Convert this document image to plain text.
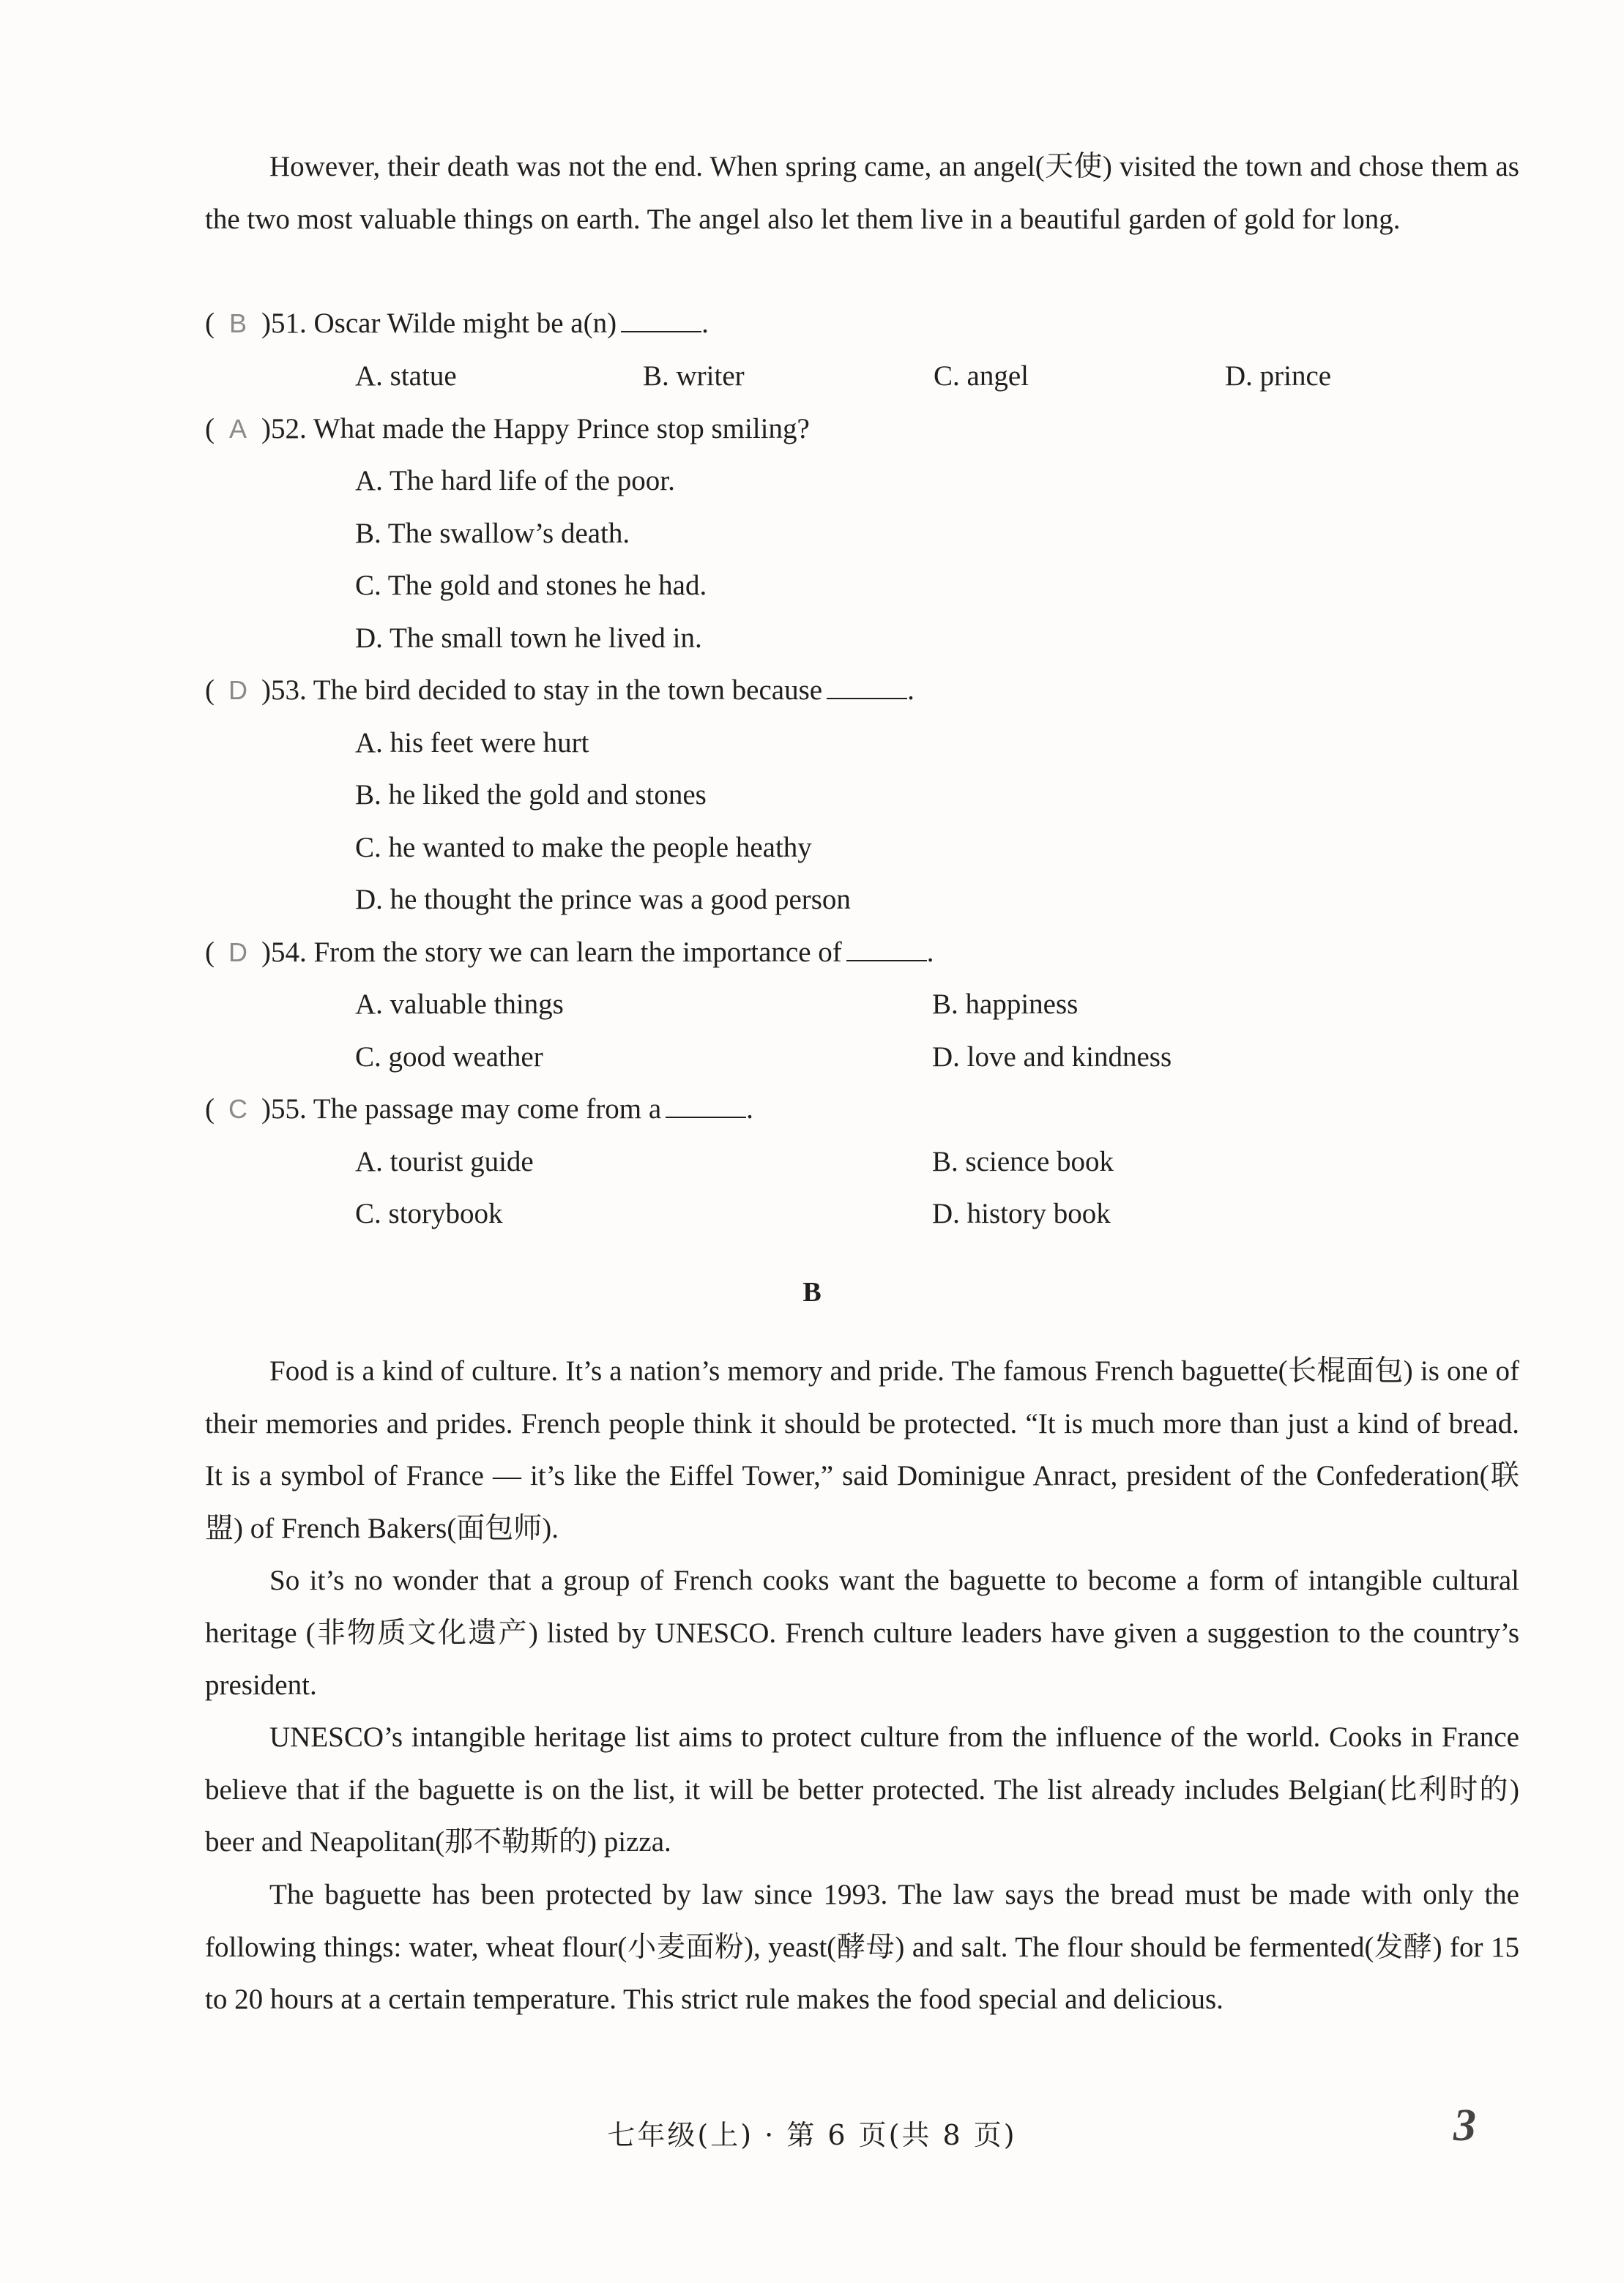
However, their death was not the end. When spring came, an angel(天使) visited the town and chose them as the two most valuable things on earth. The angel also let them live in a beautiful garden of gold for long.

( B )51. Oscar Wilde might be a(n)	.
A. statue	B. writer	C. angel	D. prince
( A )52. What made the Happy Prince stop smiling?
A. The hard life of the poor.
B. The swallow’s death.
C. The gold and stones he had.
D. The small town he lived in.
( D )53. The bird decided to stay in the town because	.
A. his feet were hurt
B. he liked the gold and stones
C. he wanted to make the people heathy
D. he thought the prince was a good person
( D )54. From the story we can learn the importance of	.
A. valuable things	B. happiness
C. good weather	D. love and kindness
( C )55. The passage may come from a	.
A. tourist guide	B. science book
C. storybook	D. history book
B

Food is a kind of culture. It’s a nation’s memory and pride. The famous French baguette(长棍面包) is one of their memories and prides. French people think it should be protected. “It is much more than just a kind of bread. It is a symbol of France — it’s like the Eiffel Tower,” said Dominigue Anract, president of the Confederation(联盟) of French Bakers(面包师).

So it’s no wonder that a group of French cooks want the baguette to become a form of intangible cultural heritage (非物质文化遗产) listed by UNESCO. French culture leaders have given a suggestion to the country’s president.

UNESCO’s intangible heritage list aims to protect culture from the influence of the world. Cooks in France believe that if the baguette is on the list, it will be better protected. The list already includes Belgian(比利时的) beer and Neapolitan(那不勒斯的) pizza.

The baguette has been protected by law since 1993. The law says the bread must be made with only the following things: water, wheat flour(小麦面粉), yeast(酵母) and salt. The flour should be fermented(发酵) for 15 to 20 hours at a certain temperature. This strict rule makes the food special and delicious.

七年级(上) · 第 6 页(共 8 页)	3
